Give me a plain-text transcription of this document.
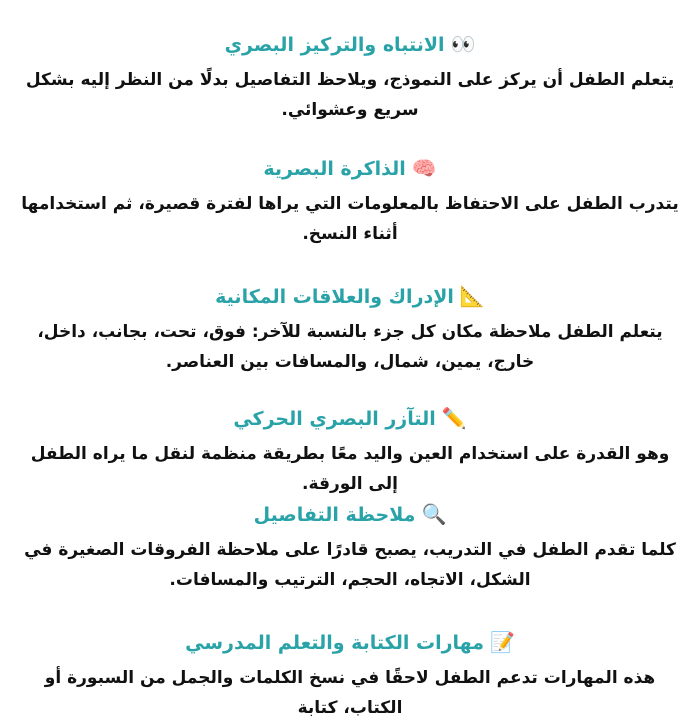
👀الانتباه والتركيز البصري

يتعلم الطفل أن يركز على النموذج، ويلاحظ التفاصيل بدلًا من النظر إليه بشكل سريع وعشوائي.

🧠الذاكرة البصرية

يتدرب الطفل على الاحتفاظ بالمعلومات التي يراها لفترة قصيرة، ثم استخدامها أثناء النسخ.

📐الإدراك والعلاقات المكانية

يتعلم الطفل ملاحظة مكان كل جزء بالنسبة للآخر: فوق، تحت، بجانب، داخل، خارج، يمين، شمال، والمسافات بين العناصر.

✏️التآزر البصري الحركي

وهو القدرة على استخدام العين واليد معًا بطريقة منظمة لنقل ما يراه الطفل إلى الورقة.

🔍ملاحظة التفاصيل

كلما تقدم الطفل في التدريب، يصبح قادرًا على ملاحظة الفروقات الصغيرة في الشكل، الاتجاه، الحجم، الترتيب والمسافات.

📝مهارات الكتابة والتعلم المدرسي

هذه المهارات تدعم الطفل لاحقًا في نسخ الكلمات والجمل من السبورة أو الكتاب، كتابة
